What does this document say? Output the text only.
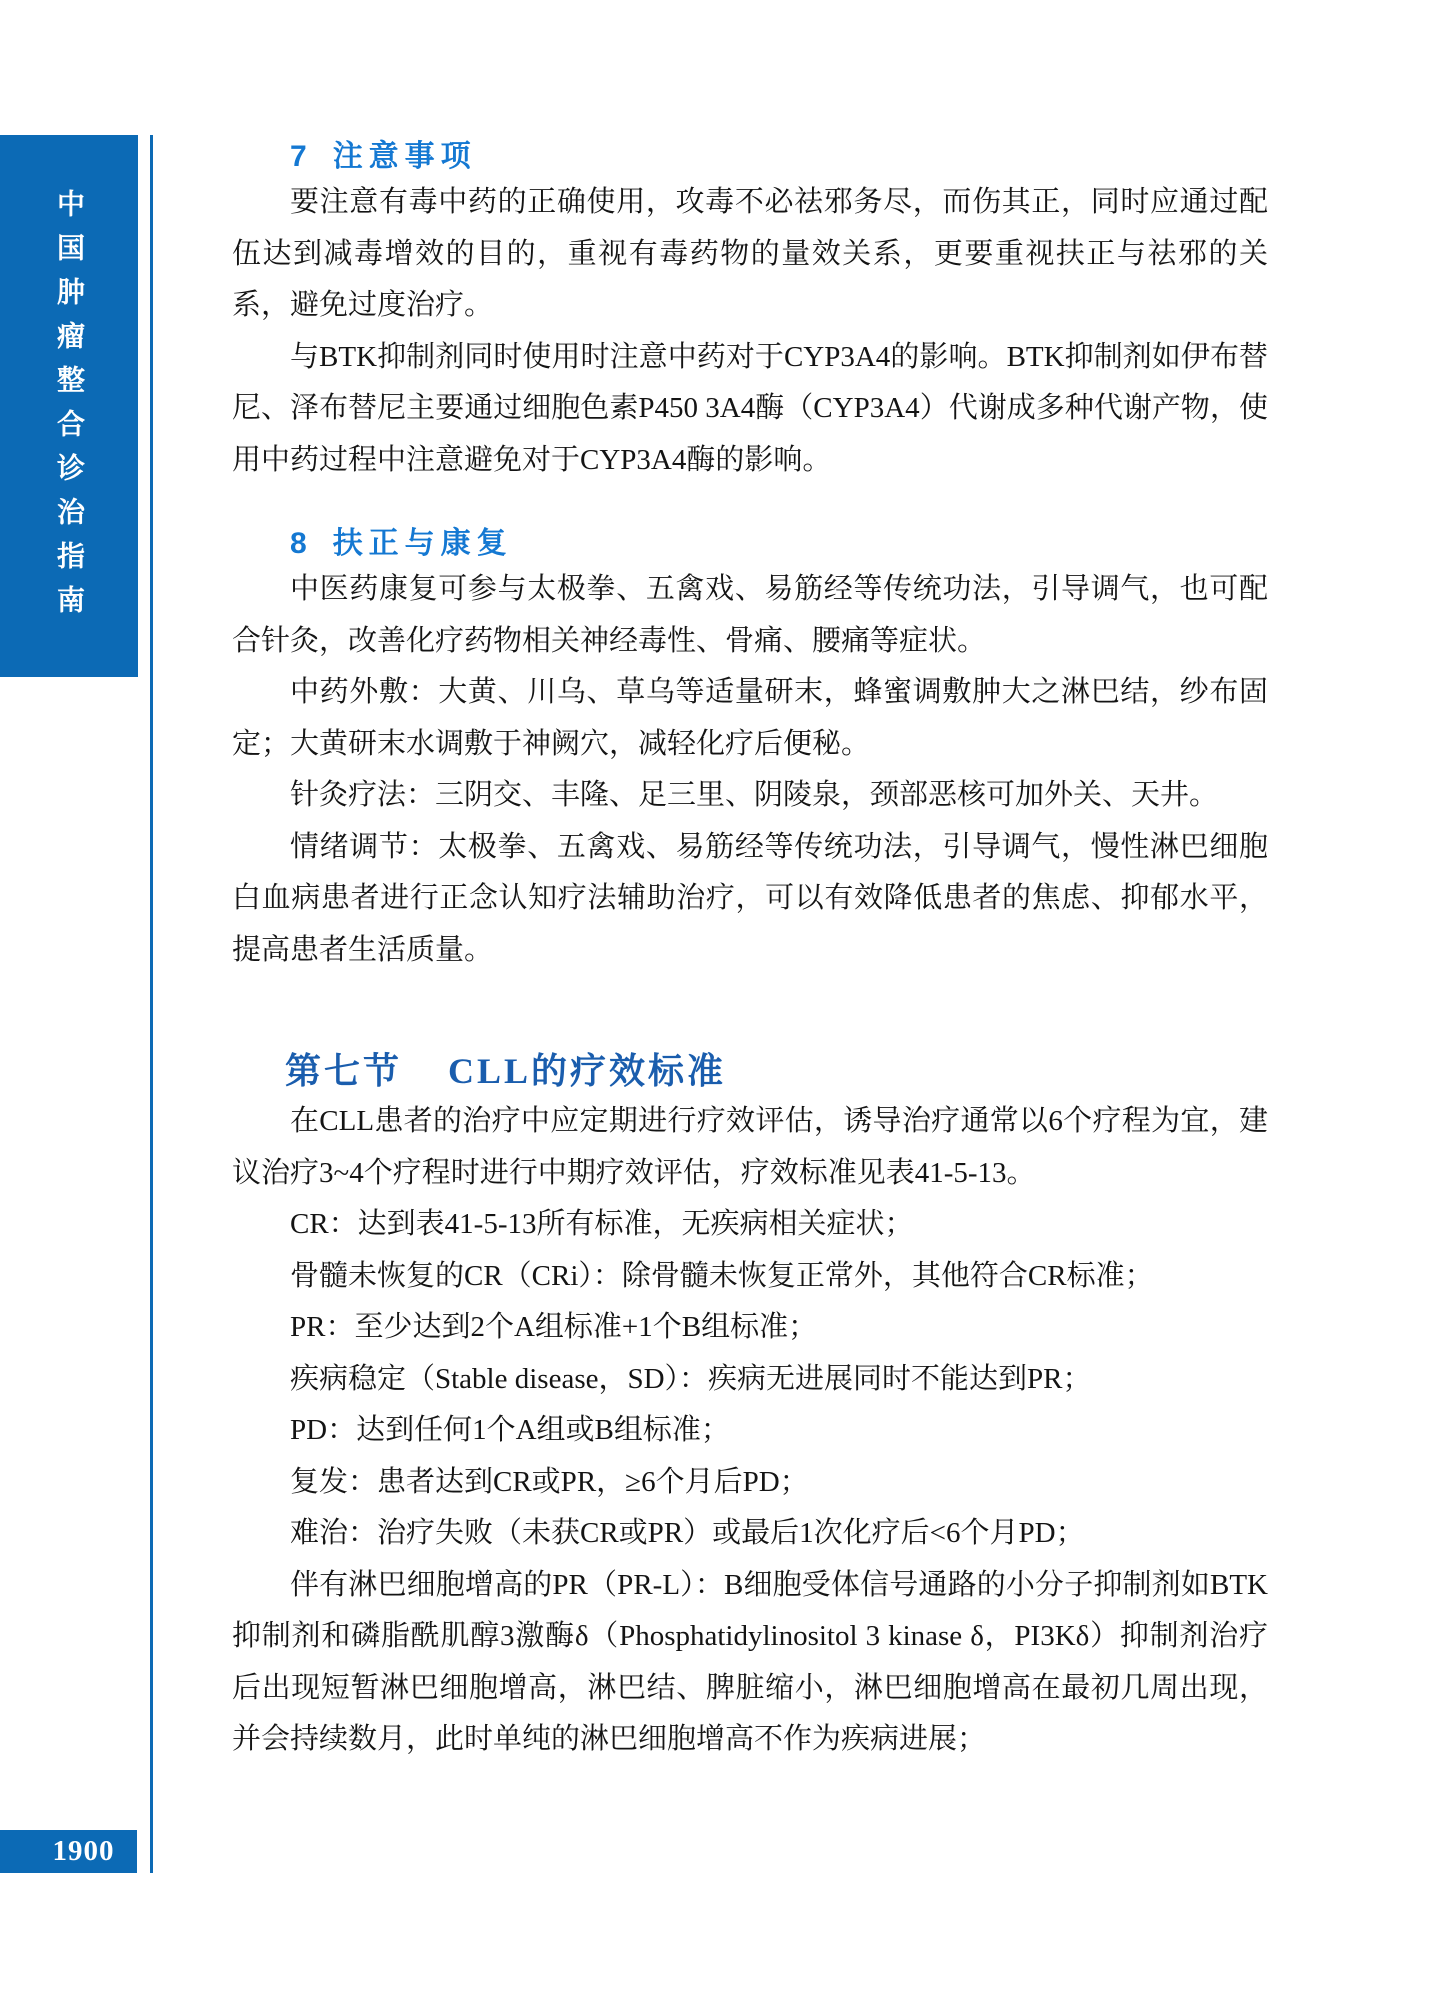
中国肿瘤整合诊治指南
1900
7 注意事项

要注意有毒中药的正确使用，攻毒不必祛邪务尽，而伤其正，同时应通过配伍达到减毒增效的目的，重视有毒药物的量效关系，更要重视扶正与祛邪的关系，避免过度治疗。

与BTK抑制剂同时使用时注意中药对于CYP3A4的影响。BTK抑制剂如伊布替尼、泽布替尼主要通过细胞色素P450 3A4酶（CYP3A4）代谢成多种代谢产物，使用中药过程中注意避免对于CYP3A4酶的影响。

8 扶正与康复

中医药康复可参与太极拳、五禽戏、易筋经等传统功法，引导调气，也可配合针灸，改善化疗药物相关神经毒性、骨痛、腰痛等症状。

中药外敷：大黄、川乌、草乌等适量研末，蜂蜜调敷肿大之淋巴结，纱布固定；大黄研末水调敷于神阙穴，减轻化疗后便秘。

针灸疗法：三阴交、丰隆、足三里、阴陵泉，颈部恶核可加外关、天井。

情绪调节：太极拳、五禽戏、易筋经等传统功法，引导调气，慢性淋巴细胞白血病患者进行正念认知疗法辅助治疗，可以有效降低患者的焦虑、抑郁水平，提高患者生活质量。

第七节 CLL的疗效标准

在CLL患者的治疗中应定期进行疗效评估，诱导治疗通常以6个疗程为宜，建议治疗3~4个疗程时进行中期疗效评估，疗效标准见表41-5-13。

CR：达到表41-5-13所有标准，无疾病相关症状；

骨髓未恢复的CR（CRi）：除骨髓未恢复正常外，其他符合CR标准；

PR：至少达到2个A组标准+1个B组标准；

疾病稳定（Stable disease，SD）：疾病无进展同时不能达到PR；

PD：达到任何1个A组或B组标准；

复发：患者达到CR或PR，≥6个月后PD；

难治：治疗失败（未获CR或PR）或最后1次化疗后<6个月PD；

伴有淋巴细胞增高的PR（PR-L）：B细胞受体信号通路的小分子抑制剂如BTK抑制剂和磷脂酰肌醇3激酶δ（Phosphatidylinositol 3 kinase δ，PI3Kδ）抑制剂治疗后出现短暂淋巴细胞增高，淋巴结、脾脏缩小，淋巴细胞增高在最初几周出现，并会持续数月，此时单纯的淋巴细胞增高不作为疾病进展；
